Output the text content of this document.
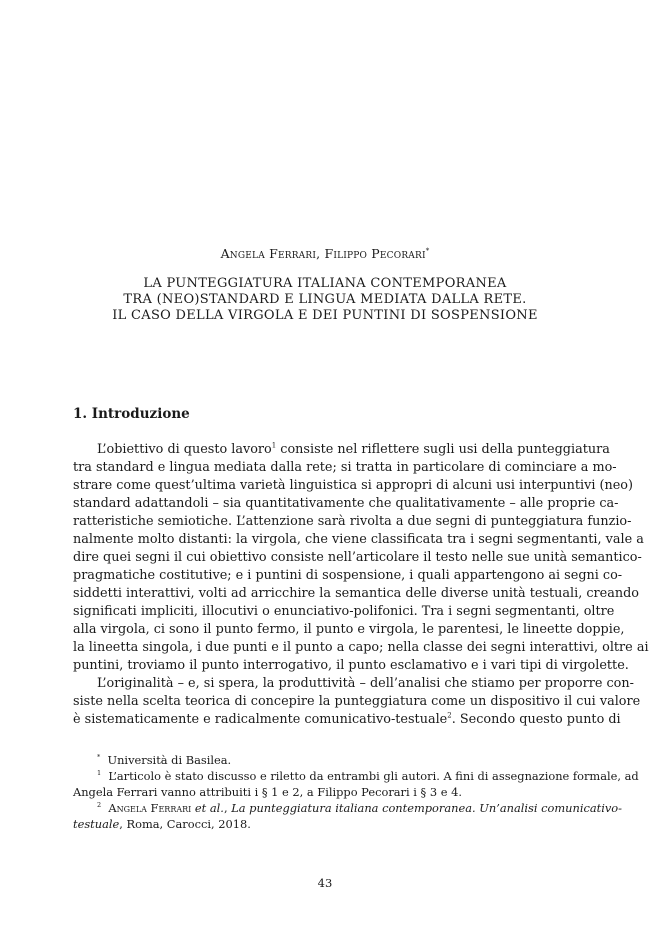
Angela Ferrari, Filippo Pecorari*
LA PUNTEGGIATURA ITALIANA CONTEMPORANEA
TRA (NEO)STANDARD E LINGUA MEDIATA DALLA RETE.
IL CASO DELLA VIRGOLA E DEI PUNTINI DI SOSPENSIONE
1. Introduzione
L’obiettivo di questo lavoro$^1$ consiste nel riflettere sugli usi della punteggiatura
tra standard e lingua mediata dalla rete; si tratta in particolare di cominciare a mo-
strare come quest’ultima varietà linguistica si appropri di alcuni usi interpuntivi (neo)
standard adattandoli – sia quantitativamente che qualitativamente – alle proprie ca-
ratteristiche semiotiche. L’attenzione sarà rivolta a due segni di punteggiatura funzio-
nalmente molto distanti: la virgola, che viene classificata tra i segni segmentanti, vale a
dire quei segni il cui obiettivo consiste nell’articolare il testo nelle sue unità semantico-
pragmatiche costitutive; e i puntini di sospensione, i quali appartengono ai segni co-
siddetti interattivi, volti ad arricchire la semantica delle diverse unità testuali, creando
significati impliciti, illocutivi o enunciativo-polifonici. Tra i segni segmentanti, oltre
alla virgola, ci sono il punto fermo, il punto e virgola, le parentesi, le lineette doppie,
la lineetta singola, i due punti e il punto a capo; nella classe dei segni interattivi, oltre ai
puntini, troviamo il punto interrogativo, il punto esclamativo e i vari tipi di virgolette.
L’originalità – e, si spera, la produttività – dell’analisi che stiamo per proporre con-
siste nella scelta teorica di concepire la punteggiatura come un dispositivo il cui valore
è sistematicamente e radicalmente comunicativo-testuale$^2$. Secondo questo punto di
* Università di Basilea.
$^1$ L’articolo è stato discusso e riletto da entrambi gli autori. A fini di assegnazione formale, ad
Angela Ferrari vanno attribuiti i § 1 e 2, a Filippo Pecorari i § 3 e 4.
$^2$ Angela Ferrari et al., La punteggiatura italiana contemporanea. Un’analisi comunicativo-
testuale, Roma, Carocci, 2018.
43
